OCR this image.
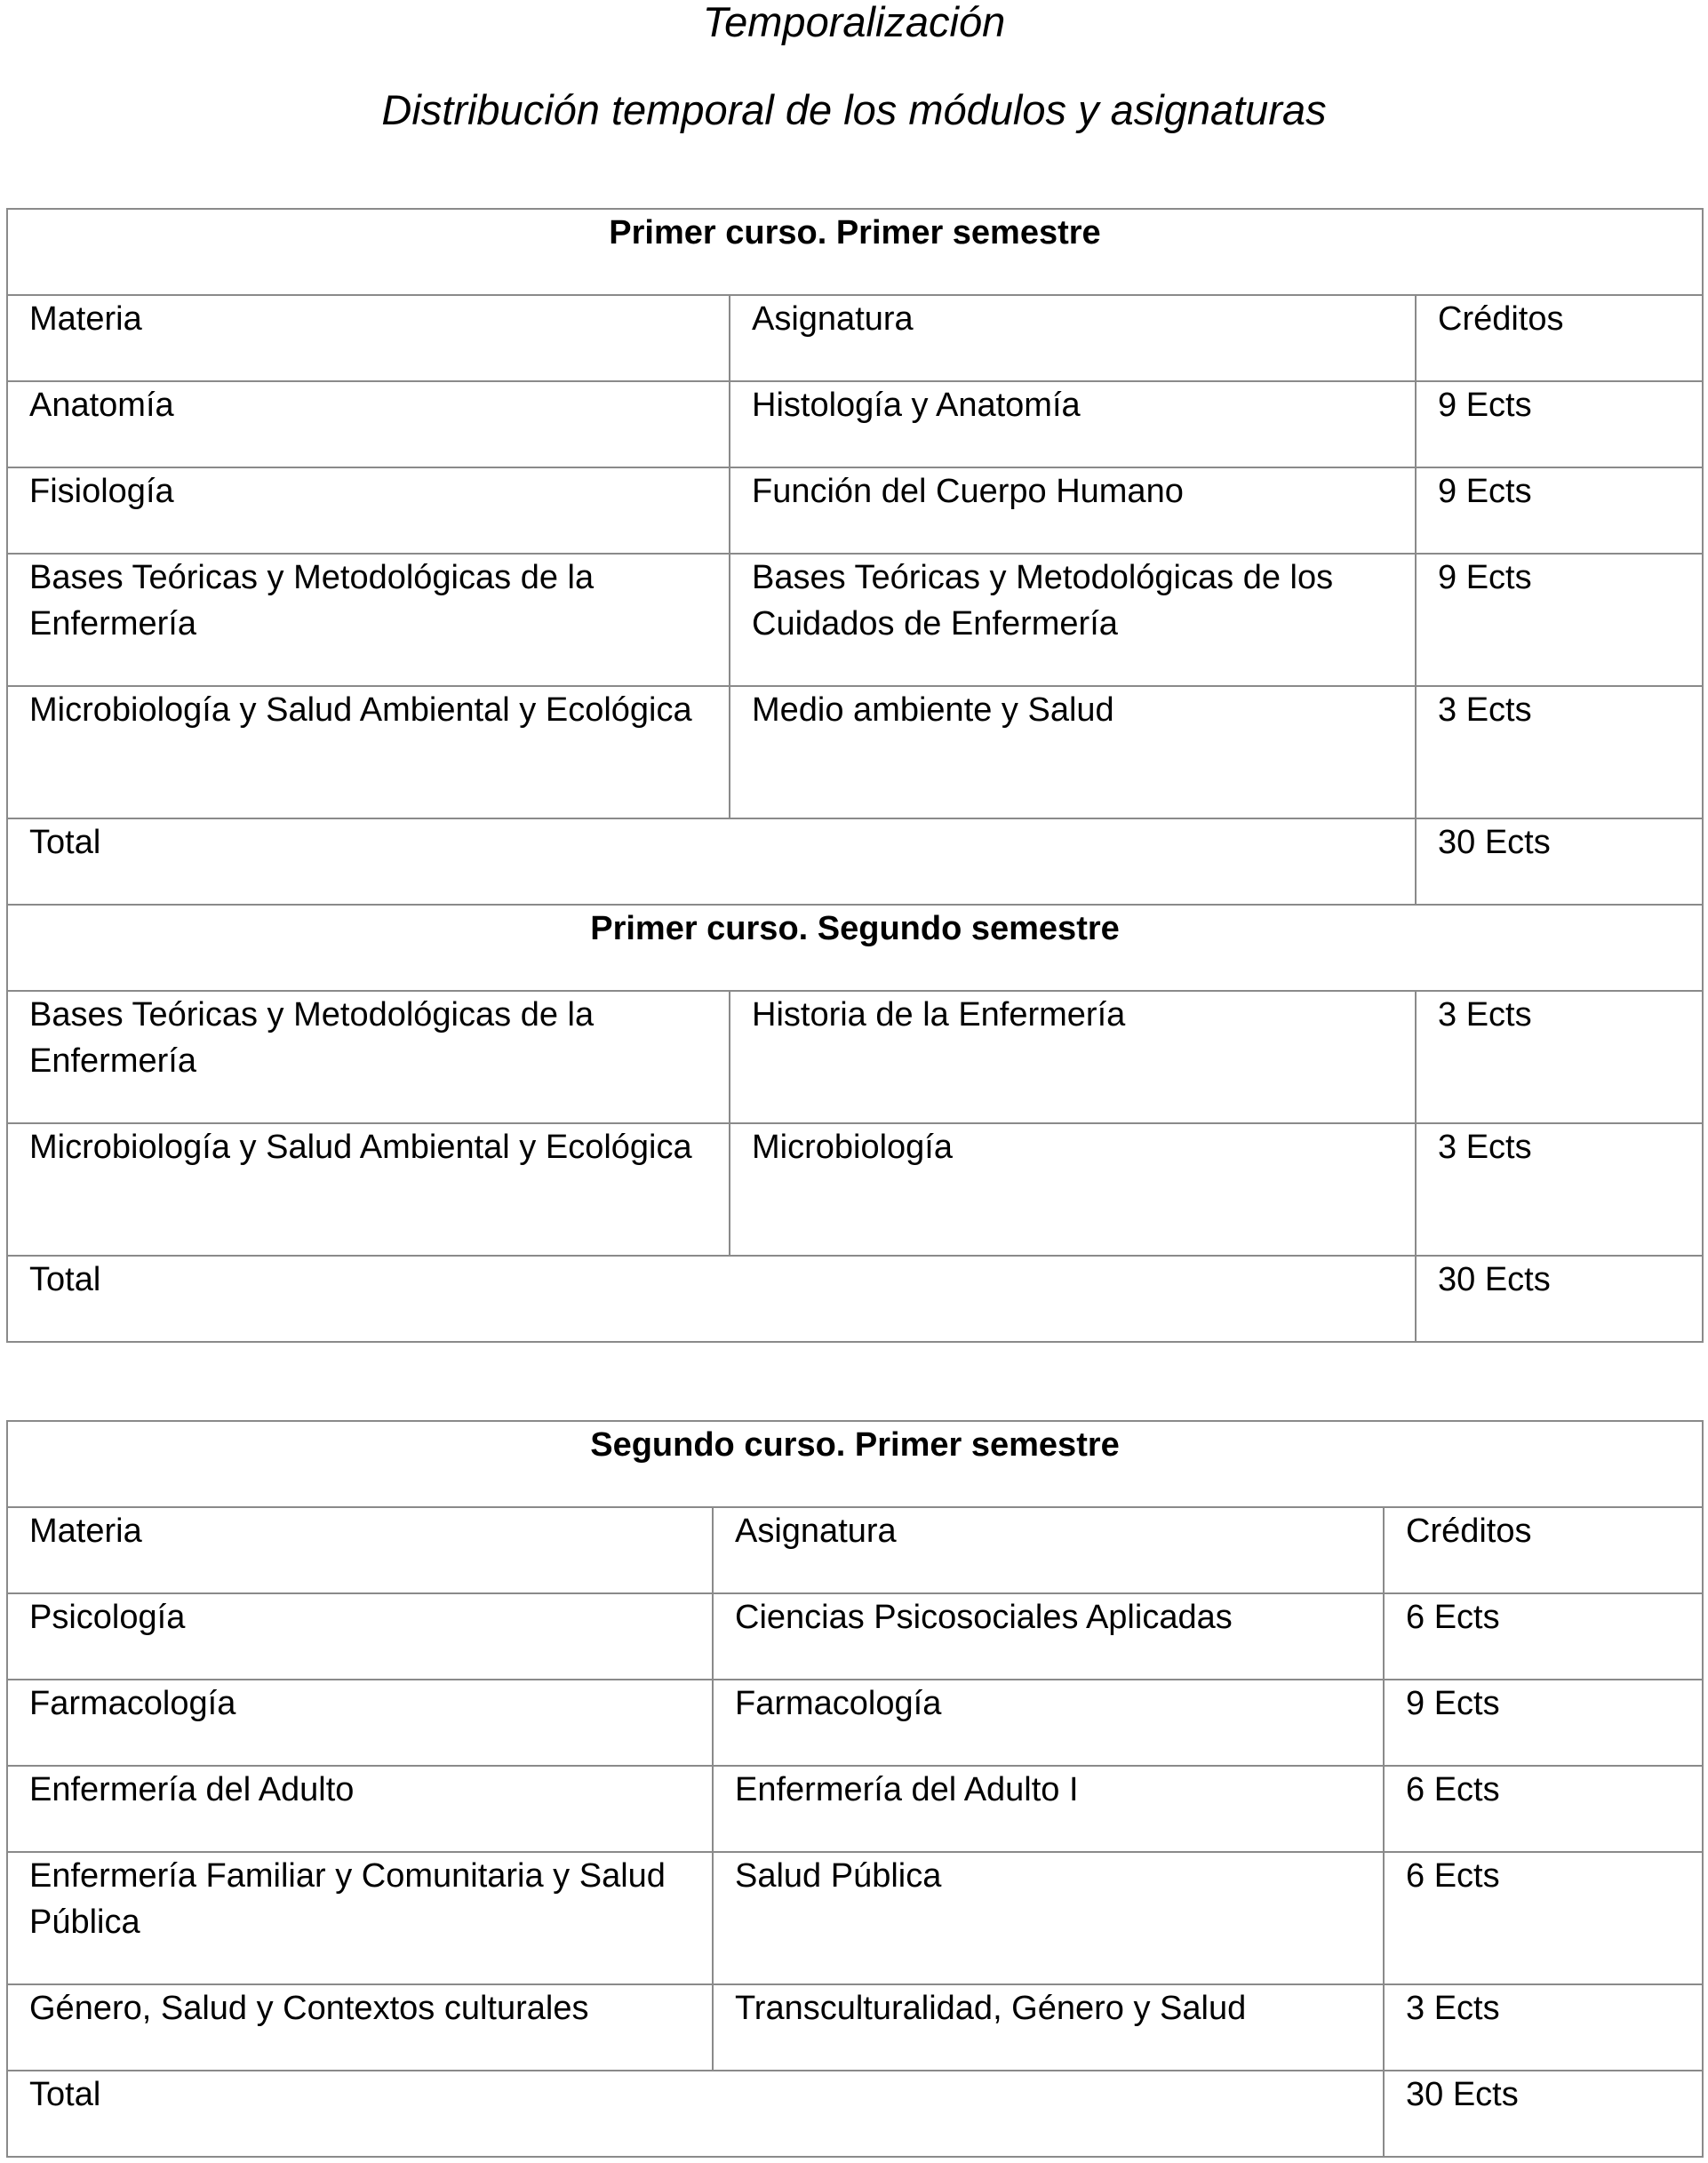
Temporalización
Distribución temporal de los módulos y asignaturas
Primer curso. Primer semestre		
Materia	Asignatura	Créditos
Anatomía	Histología y Anatomía	9 Ects
Fisiología	Función del Cuerpo Humano	9 Ects
Bases Teóricas y Metodológicas de la Enfermería	Bases Teóricas y Metodológicas de los Cuidados de Enfermería	9 Ects
Microbiología y Salud Ambiental y Ecológica	Medio ambiente y Salud	3 Ects
Total		30 Ects
Primer curso. Segundo semestre		
Bases Teóricas y Metodológicas de la Enfermería	Historia de la Enfermería	3 Ects
Microbiología y Salud Ambiental y Ecológica	Microbiología	3 Ects
Total		30 Ects
Segundo curso. Primer semestre		
Materia	Asignatura	Créditos
Psicología	Ciencias Psicosociales Aplicadas	6 Ects
Farmacología	Farmacología	9 Ects
Enfermería del Adulto	Enfermería del Adulto I	6 Ects
Enfermería Familiar y Comunitaria y Salud Pública	Salud Pública	6 Ects
Género, Salud y Contextos culturales	Transculturalidad, Género y Salud	3 Ects
Total		30 Ects
